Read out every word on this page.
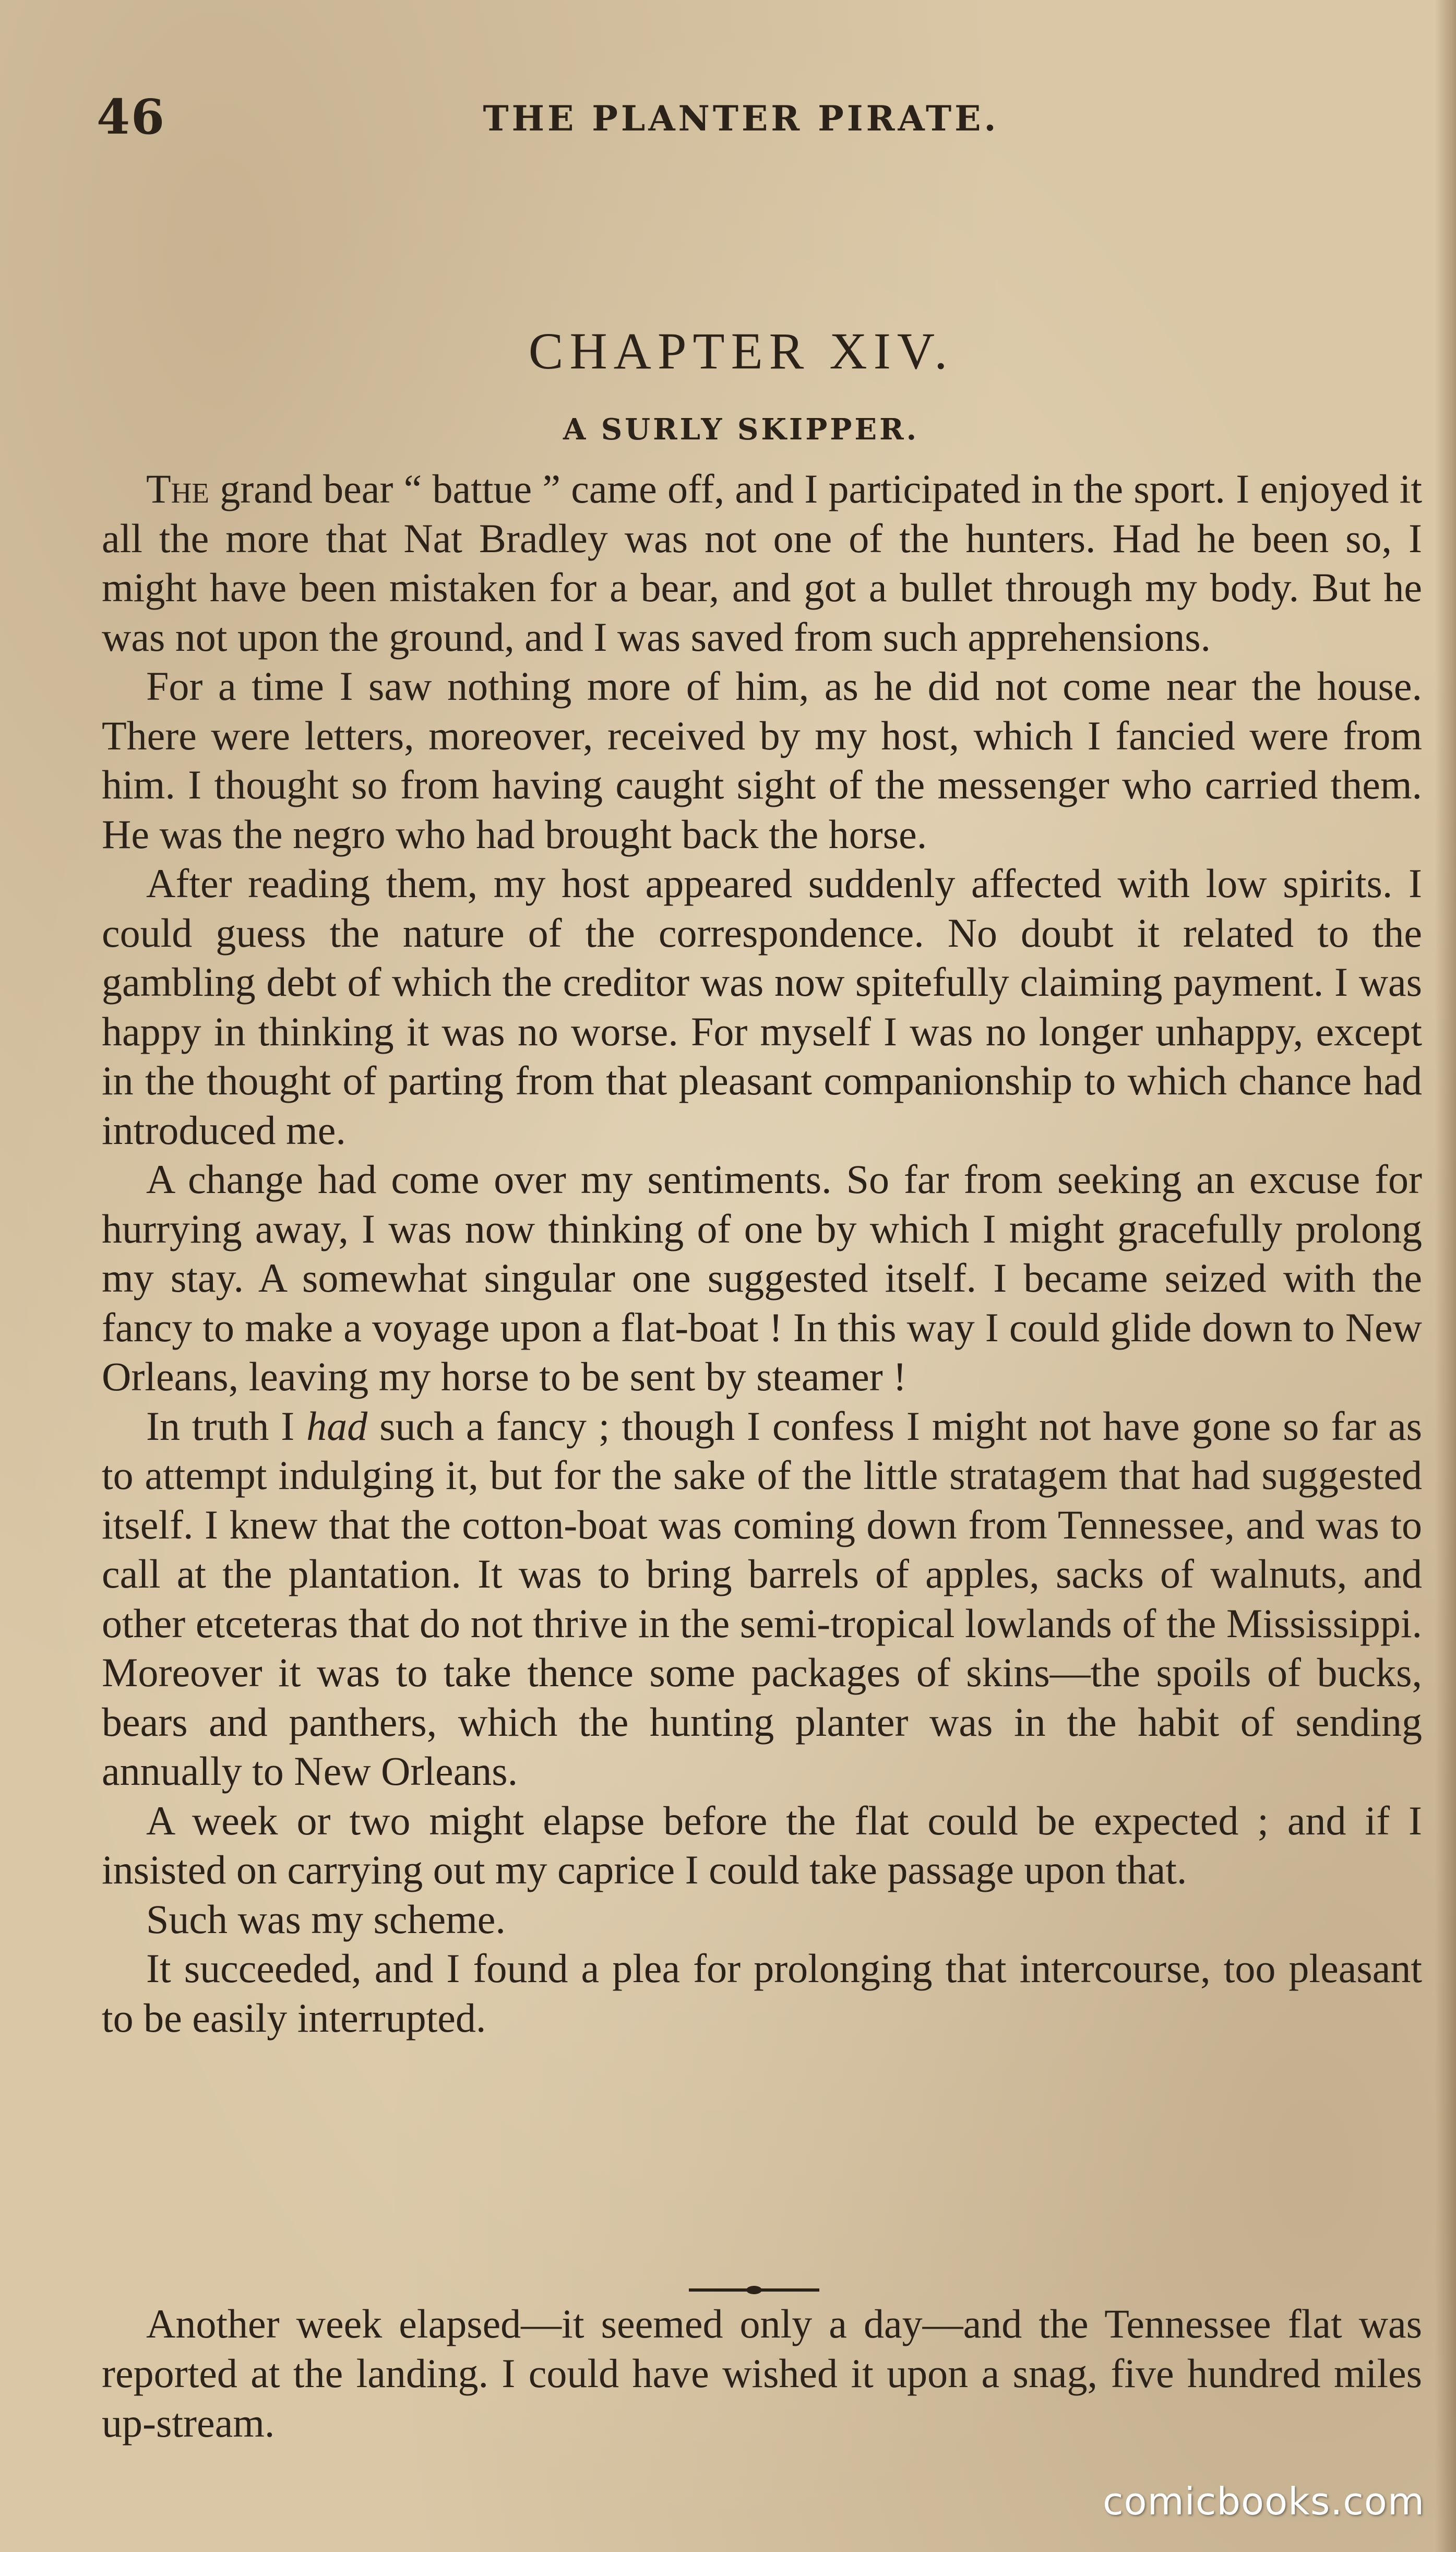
46	THE PLANTER PIRATE.
CHAPTER XIV.
A SURLY SKIPPER.

The grand bear “ battue ” came off, and I participated in the sport. I enjoyed it all the more that Nat Bradley was not one of the hunters. Had he been so, I might have been mistaken for a bear, and got a bullet through my body. But he was not upon the ground, and I was saved from such apprehensions.

For a time I saw nothing more of him, as he did not come near the house. There were letters, moreover, received by my host, which I fancied were from him. I thought so from having caught sight of the messenger who carried them. He was the negro who had brought back the horse.

After reading them, my host appeared suddenly affected with low spirits. I could guess the nature of the correspondence. No doubt it related to the gambling debt of which the creditor was now spitefully claiming payment. I was happy in thinking it was no worse. For myself I was no longer unhappy, except in the thought of parting from that pleasant companionship to which chance had introduced me.

A change had come over my sentiments. So far from seeking an excuse for hurrying away, I was now thinking of one by which I might gracefully prolong my stay. A somewhat singular one suggested itself. I became seized with the fancy to make a voyage upon a flat-boat ! In this way I could glide down to New Orleans, leaving my horse to be sent by steamer !

In truth I had such a fancy ; though I confess I might not have gone so far as to attempt indulging it, but for the sake of the little stratagem that had suggested itself. I knew that the cotton-boat was coming down from Tennessee, and was to call at the plantation. It was to bring barrels of apples, sacks of walnuts, and other etceteras that do not thrive in the semi-tropical lowlands of the Mississippi. Moreover it was to take thence some packages of skins—the spoils of bucks, bears and panthers, which the hunting planter was in the habit of sending annually to New Orleans.

A week or two might elapse before the flat could be expected ; and if I insisted on carrying out my caprice I could take passage upon that.

Such was my scheme.

It succeeded, and I found a plea for prolonging that intercourse, too pleasant to be easily interrupted.

Another week elapsed—it seemed only a day—and the Tennessee flat was reported at the landing. I could have wished it upon a snag, five hundred miles up-stream.

comicbooks.com
